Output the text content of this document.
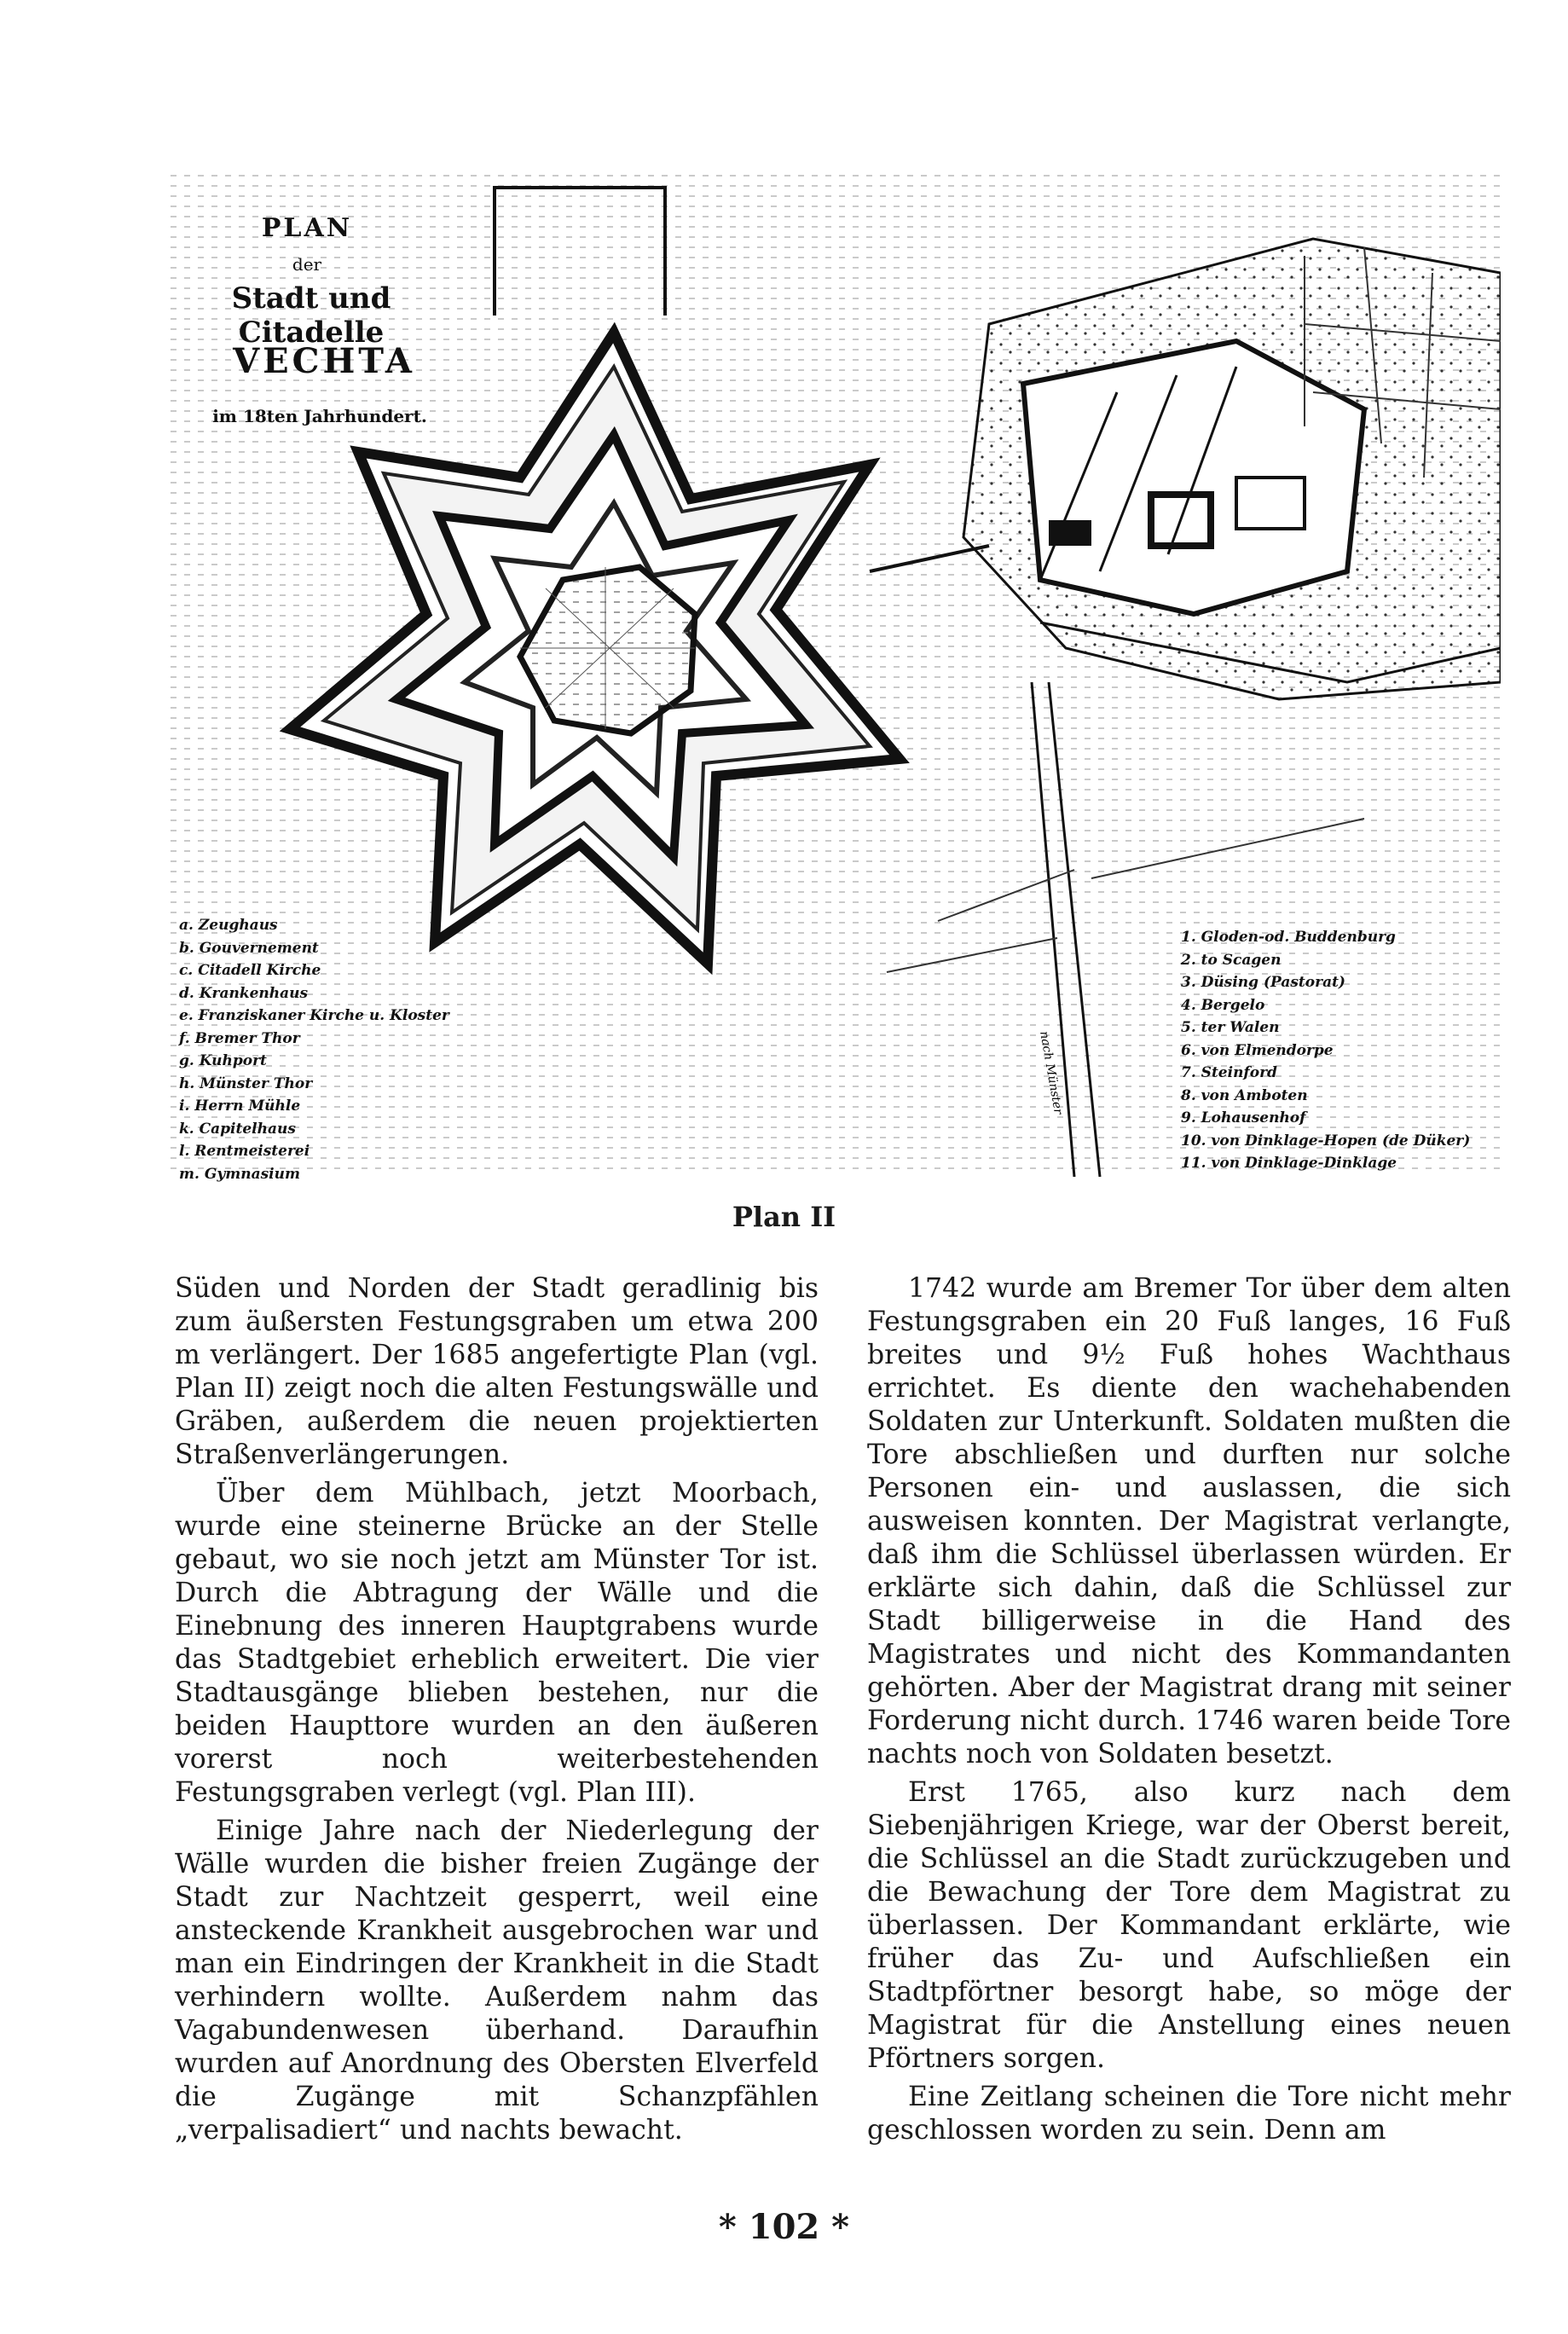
nach Münster
PLAN
der
Stadt und Citadelle
VECHTA
im 18ten Jahrhundert.
a. Zeughaus
b. Gouvernement
c. Citadell Kirche
d. Krankenhaus
e. Franziskaner Kirche u. Kloster
f. Bremer Thor
g. Kuhport
h. Münster Thor
i. Herrn Mühle
k. Capitelhaus
l. Rentmeisterei
m. Gymnasium
1. Gloden-od. Buddenburg
2. to Scagen
3. Düsing (Pastorat)
4. Bergelo
5. ter Walen
6. von Elmendorpe
7. Steinford
8. von Amboten
9. Lohausenhof
10. von Dinklage-Hopen (de Düker)
11. von Dinklage-Dinklage
Plan II

Süden und Norden der Stadt geradlinig bis zum äußersten Festungsgraben um etwa 200 m verlängert. Der 1685 angefertigte Plan (vgl. Plan II) zeigt noch die alten Festungswälle und Gräben, außerdem die neuen projektierten Straßenverlängerungen.

Über dem Mühlbach, jetzt Moorbach, wurde eine steinerne Brücke an der Stelle gebaut, wo sie noch jetzt am Münster Tor ist. Durch die Abtragung der Wälle und die Einebnung des inneren Hauptgrabens wurde das Stadtgebiet erheblich erweitert. Die vier Stadtausgänge blieben bestehen, nur die beiden Haupttore wurden an den äußeren vorerst noch weiterbestehenden Festungsgraben verlegt (vgl. Plan III).

Einige Jahre nach der Niederlegung der Wälle wurden die bisher freien Zugänge der Stadt zur Nachtzeit gesperrt, weil eine ansteckende Krankheit ausgebrochen war und man ein Eindringen der Krankheit in die Stadt verhindern wollte. Außerdem nahm das Vagabundenwesen überhand. Daraufhin wurden auf Anordnung des Obersten Elverfeld die Zugänge mit Schanzpfählen „verpalisadiert“ und nachts bewacht.

1742 wurde am Bremer Tor über dem alten Festungsgraben ein 20 Fuß langes, 16 Fuß breites und 9½ Fuß hohes Wachthaus errichtet. Es diente den wachehabenden Soldaten zur Unterkunft. Soldaten mußten die Tore abschließen und durften nur solche Personen ein- und auslassen, die sich ausweisen konnten. Der Magistrat verlangte, daß ihm die Schlüssel überlassen würden. Er erklärte sich dahin, daß die Schlüssel zur Stadt billigerweise in die Hand des Magistrates und nicht des Kommandanten gehörten. Aber der Magistrat drang mit seiner Forderung nicht durch. 1746 waren beide Tore nachts noch von Soldaten besetzt.

Erst 1765, also kurz nach dem Siebenjährigen Kriege, war der Oberst bereit, die Schlüssel an die Stadt zurückzugeben und die Bewachung der Tore dem Magistrat zu überlassen. Der Kommandant erklärte, wie früher das Zu- und Aufschließen ein Stadtpförtner besorgt habe, so möge der Magistrat für die Anstellung eines neuen Pförtners sorgen.

Eine Zeitlang scheinen die Tore nicht mehr geschlossen worden zu sein. Denn am

* 102 *
